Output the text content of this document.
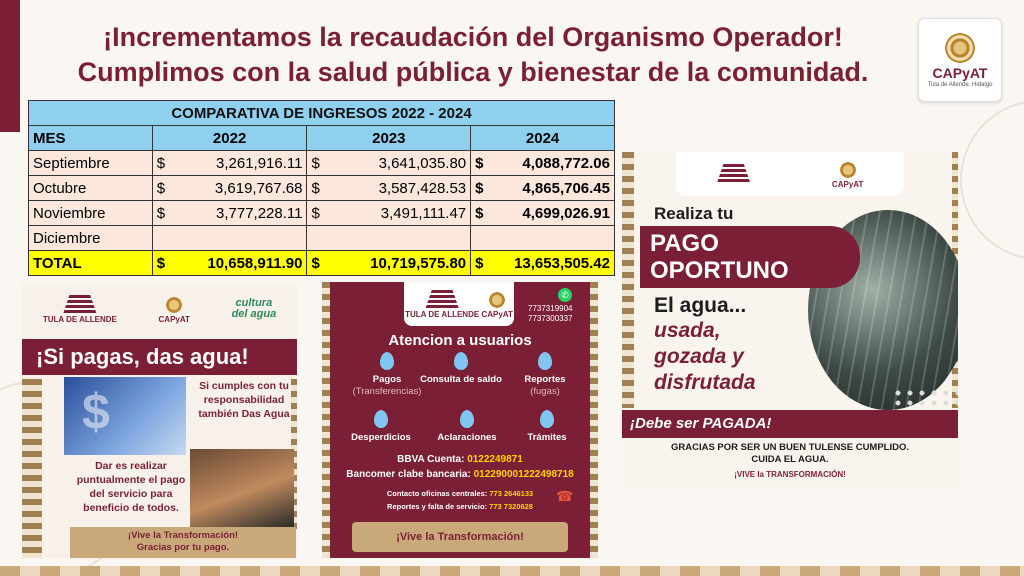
¡Incrementamos la recaudación del Organismo Operador!
Cumplimos con la salud pública y bienestar de la comunidad.	CAPyAT
Tula de Allende, Hidalgo
COMPARATIVA DE INGRESOS 2022 - 2024			
MES	2022	2023	2024
Septiembre	$ 3,261,916.11	$ 3,641,035.80	$ 4,088,772.06

Octubre	$ 3,619,767.68	$ 3,587,428.53	$ 4,865,706.45

Noviembre	$ 3,777,228.11	$ 3,491,111.47	$ 4,699,026.91

Diciembre			
TOTAL	$ 10,658,911.90	$ 10,719,575.80	$ 13,653,505.42
TULA DE ALLENDE	CAPyAT
cultura
del agua
¡Si pagas, das agua!
$	Si cumples con tu responsabilidad también Das Agua
Dar es realizar puntualmente el pago del servicio para beneficio de todos.
¡Vive la Transformación!
Gracias por tu pago.
TULA DE ALLENDE CAPyAT
✆
7737319904
7737300337
Atencion a usuarios
Pagos
(Transferencias)
Consulta de saldo	Reportes
(fugas)
Desperdicios	Aclaraciones	Trámites
BBVA Cuenta: 0122249871
Bancomer clabe bancaria: 012290001222498718
Contacto oficinas centrales: 773 2646133
Reportes y falta de servicio: 773 7320628
☎
¡Vive la Transformación!
CAPyAT
Realiza tu
PAGO
OPORTUNO
El agua...
usada,
gozada y
disfrutada
¡Debe ser PAGADA!
GRACIAS POR SER UN BUEN TULENSE CUMPLIDO.
CUIDA EL AGUA.
¡VIVE la TRANSFORMACIÓN!
